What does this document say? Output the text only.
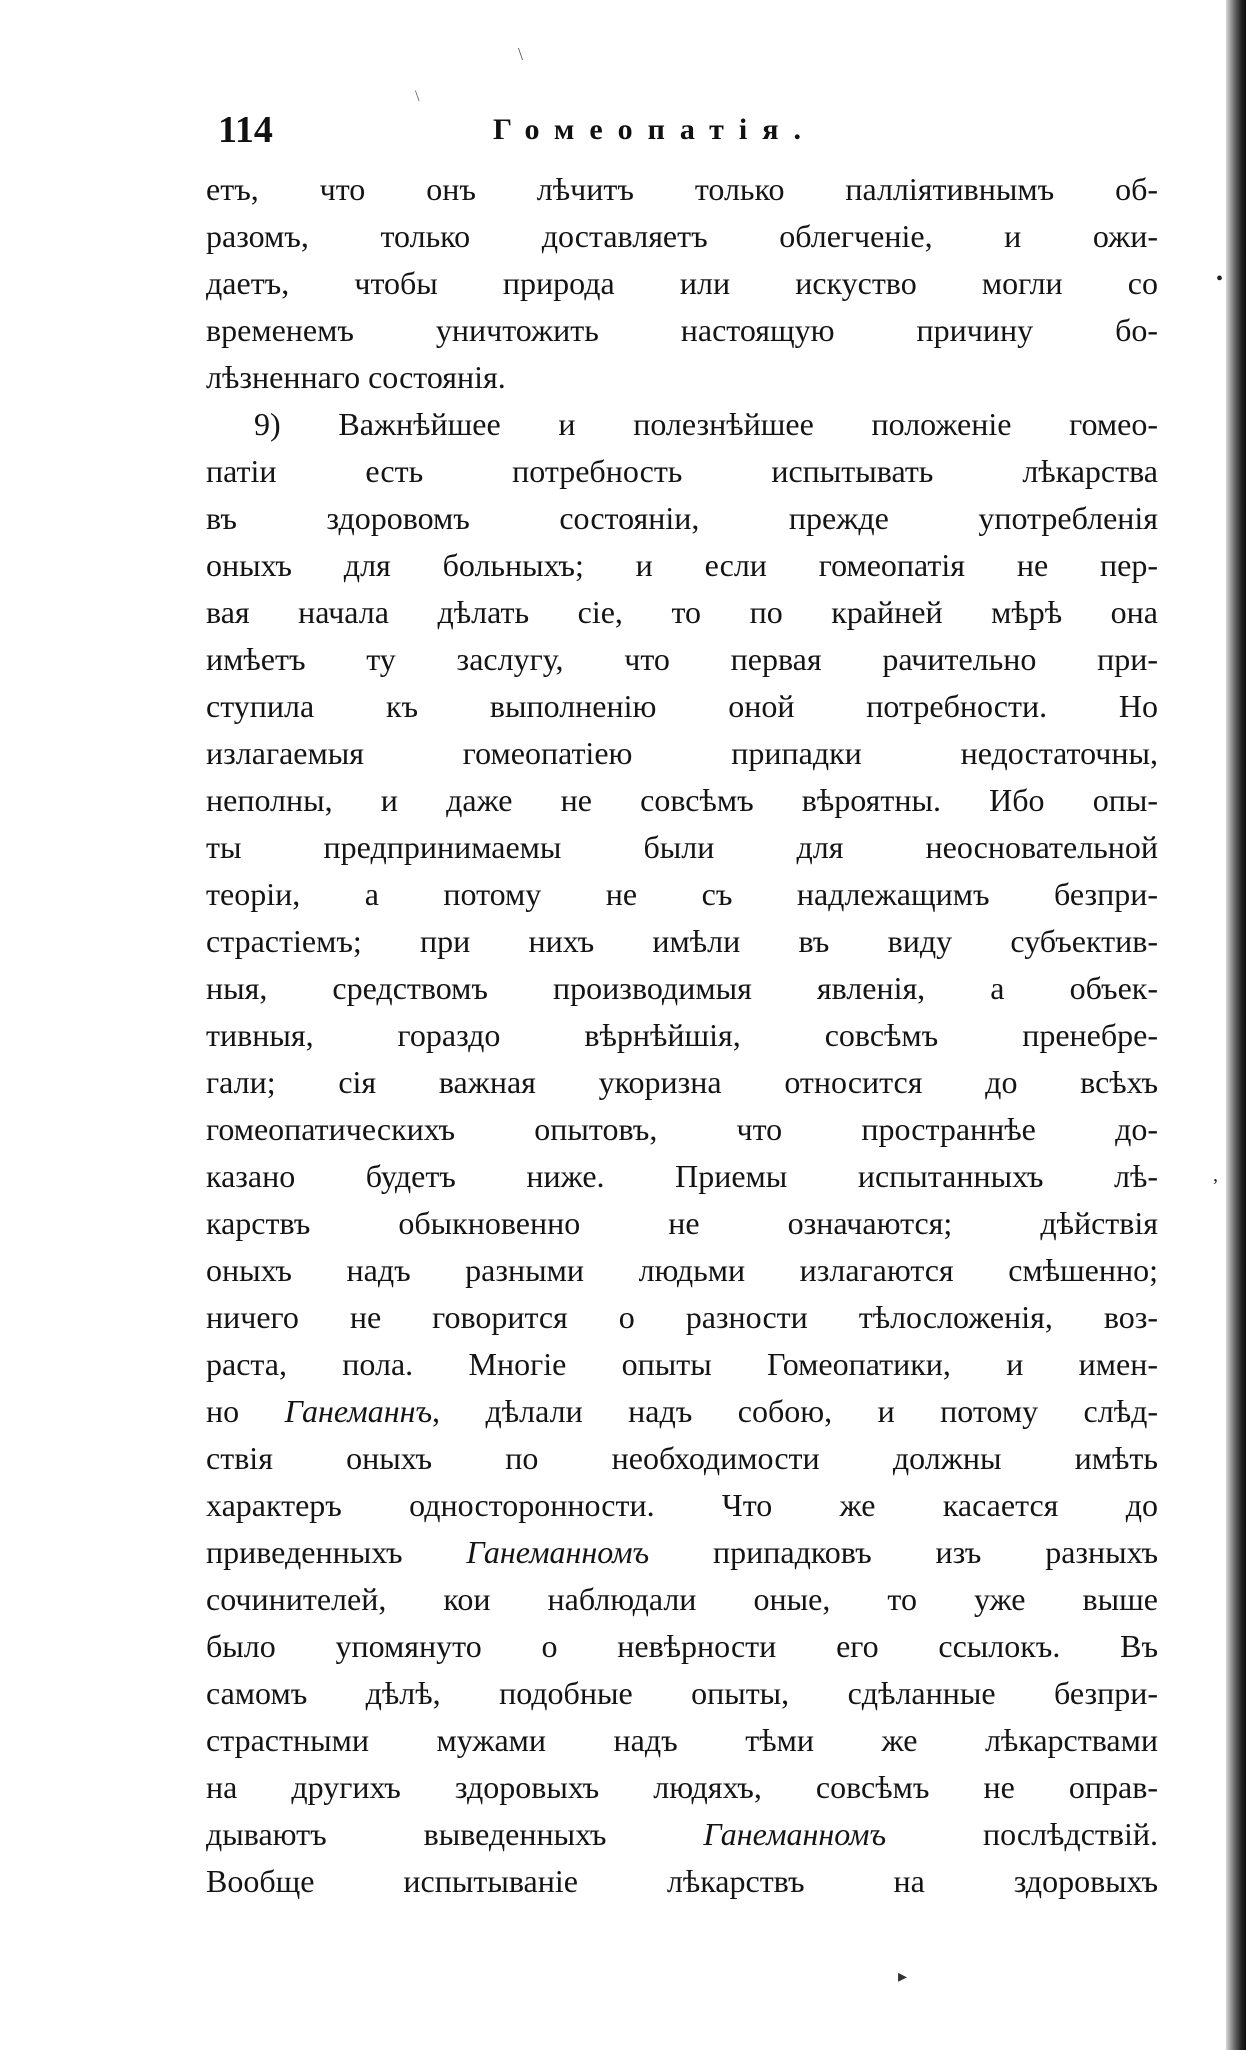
114	Гомеопатія.
етъ, что онъ лѣчитъ только палліятивнымъ об-
разомъ, только доставляетъ облегченіе, и ожи-
даетъ, чтобы природа или искуство могли со
временемъ уничтожить настоящую причину бо-
лѣзненнаго состоянія.
9) Важнѣйшее и полезнѣйшее положеніе гомео-
патіи есть потребность испытывать лѣкарства
въ здоровомъ состояніи, прежде употребленія
оныхъ для больныхъ; и если гомеопатія не пер-
вая начала дѣлать сіе, то по крайней мѣрѣ она
имѣетъ ту заслугу, что первая рачительно при-
ступила къ выполненію оной потребности. Но
излагаемыя гомеопатіею припадки недостаточны,
неполны, и даже не совсѣмъ вѣроятны. Ибо опы-
ты предпринимаемы были для неосновательной
теоріи, а потому не съ надлежащимъ безпри-
страстіемъ; при нихъ имѣли въ виду субъектив-
ныя, средствомъ производимыя явленія, а объек-
тивныя, гораздо вѣрнѣйшія, совсѣмъ пренебре-
гали; сія важная укоризна относится до всѣхъ
гомеопатическихъ опытовъ, что пространнѣе до-
казано будетъ ниже. Приемы испытанныхъ лѣ-
карствъ обыкновенно не означаются; дѣйствія
оныхъ надъ разными людьми излагаются смѣшенно;
ничего не говорится о разности тѣлосложенія, воз-
раста, пола. Многіе опыты Гомеопатики, и имен-
но Ганеманнъ, дѣлали надъ собою, и потому слѣд-
ствія оныхъ по необходимости должны имѣть
характеръ односторонности. Что же касается до
приведенныхъ Ганеманномъ припадковъ изъ разныхъ
сочинителей, кои наблюдали оные, то уже выше
было упомянуто о невѣрности его ссылокъ. Въ
самомъ дѣлѣ, подобные опыты, сдѣланные безпри-
страстными мужами надъ тѣми же лѣкарствами
на другихъ здоровыхъ людяхъ, совсѣмъ не оправ-
дываютъ выведенныхъ Ганеманномъ послѣдствій.
Вообще испытываніе лѣкарствъ на здоровыхъ
\
\
•
,
▸
